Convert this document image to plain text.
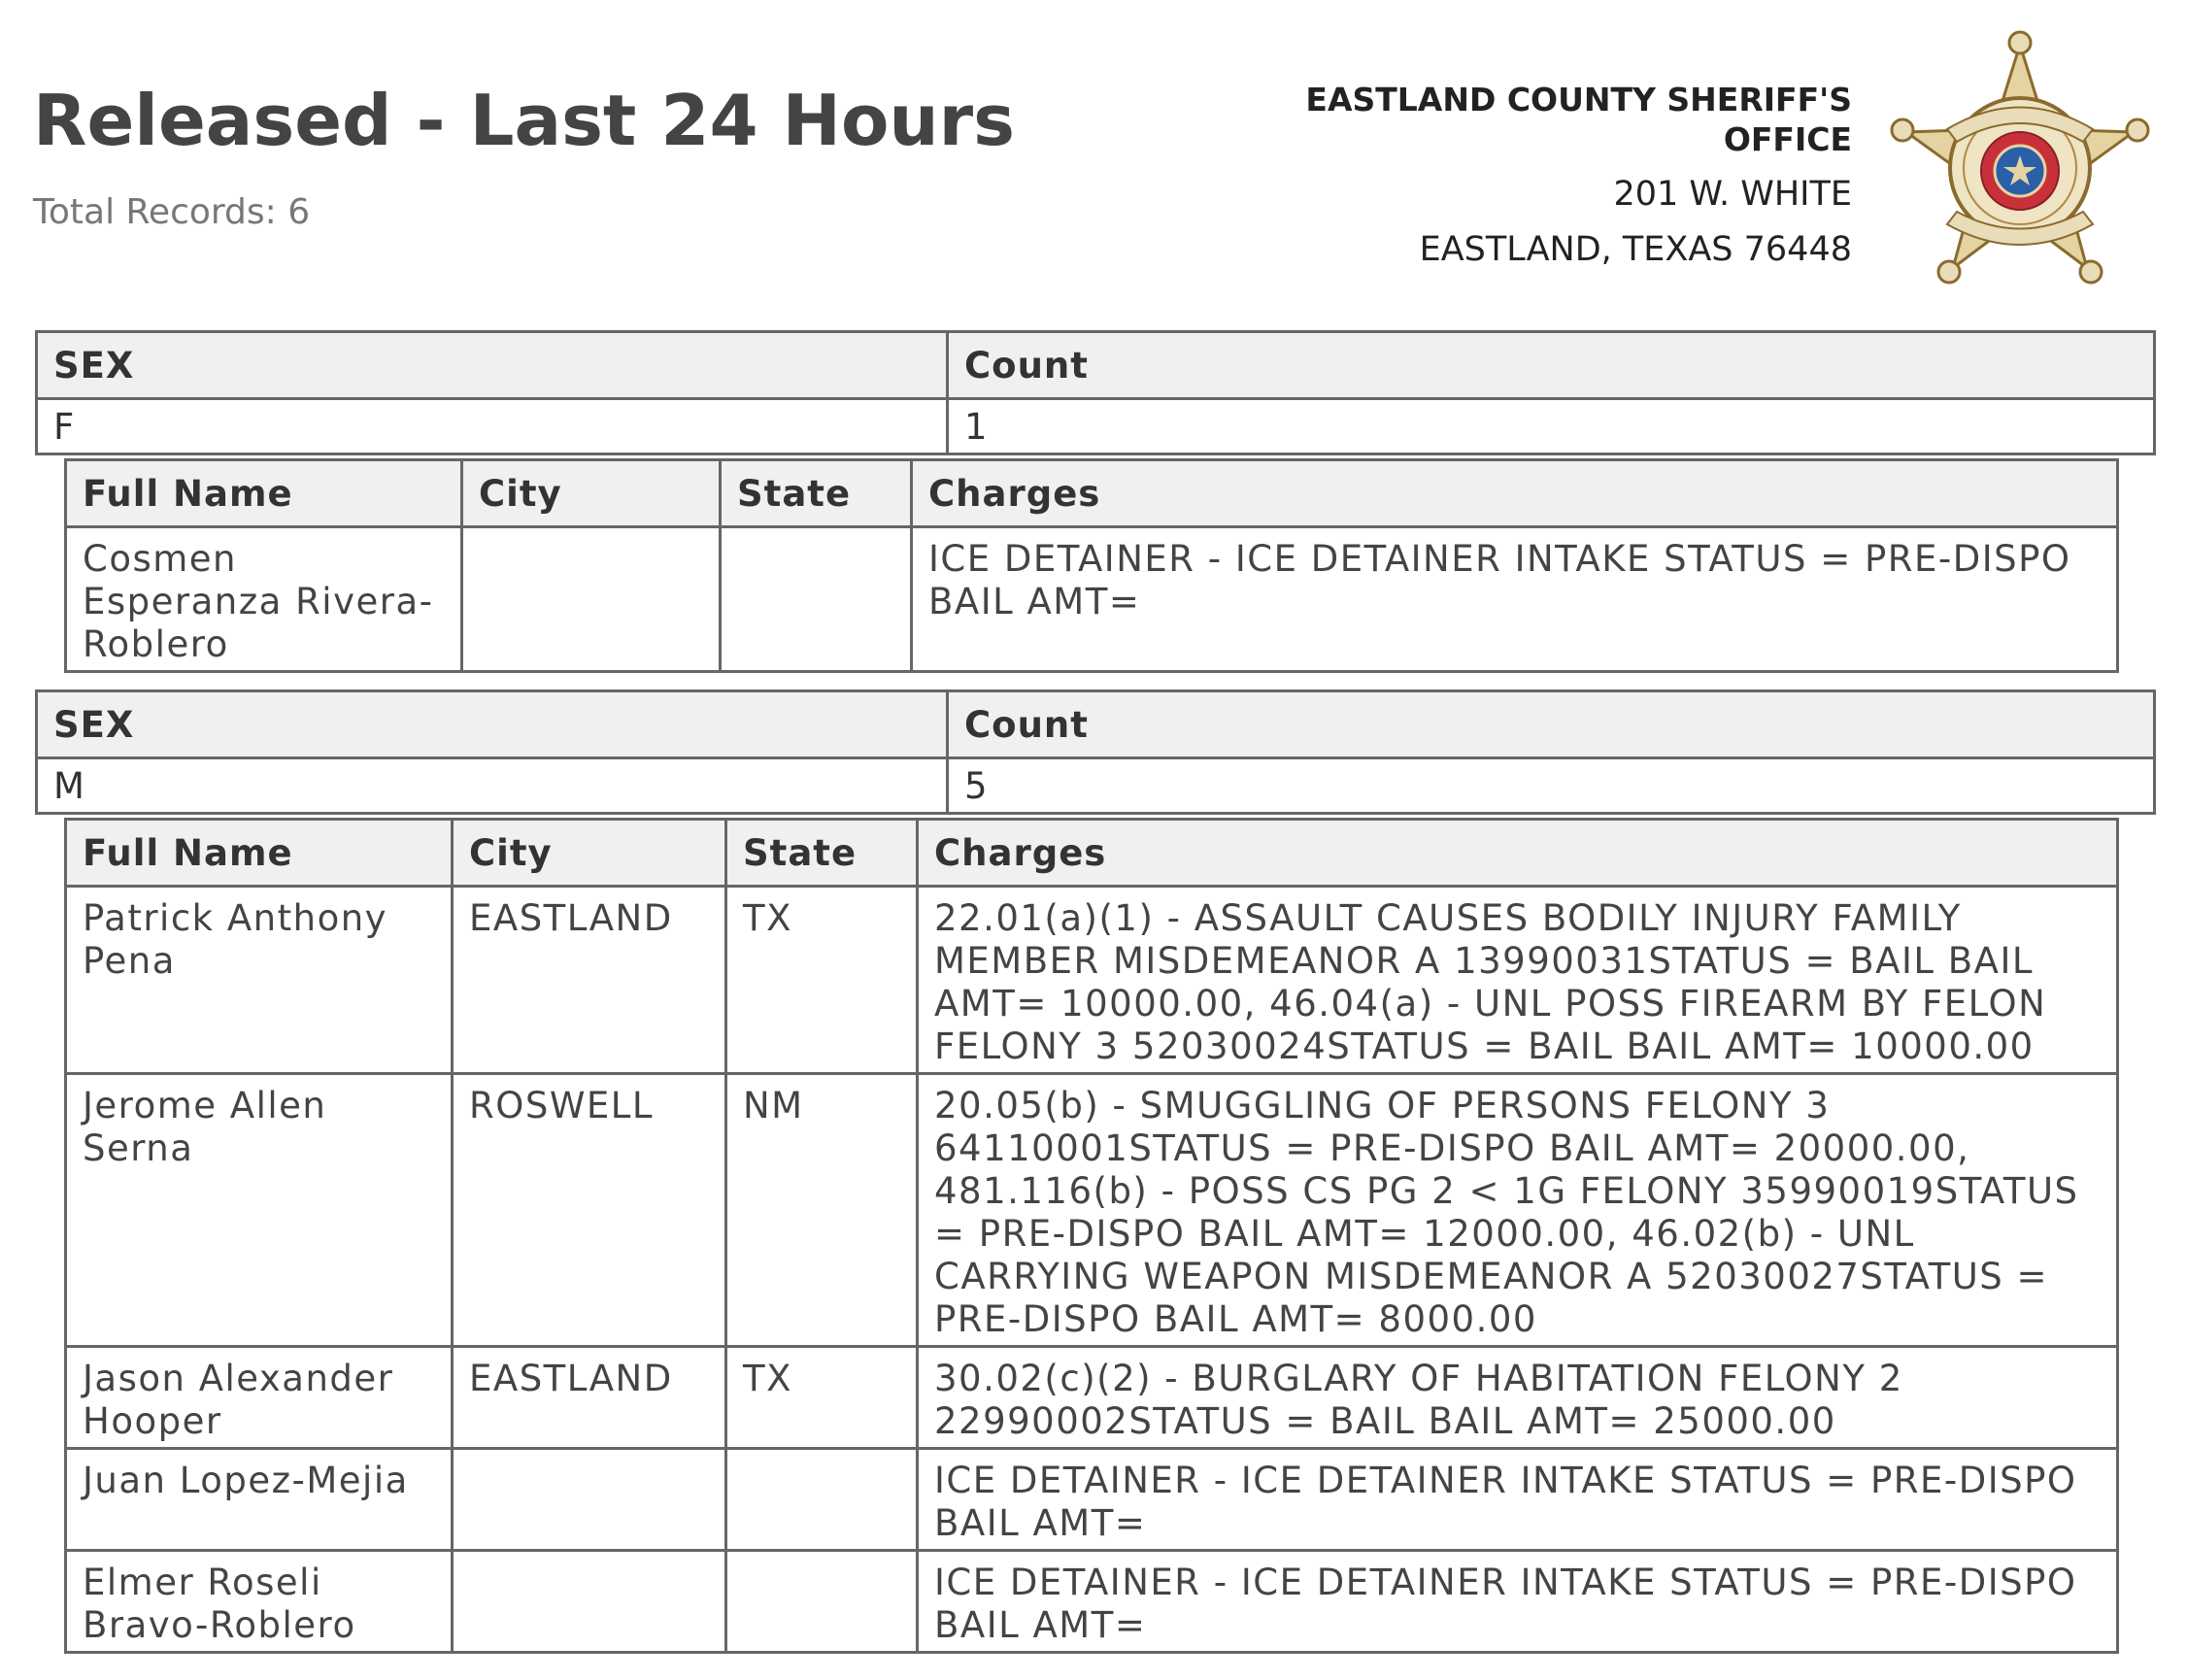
Released - Last 24 Hours
Total Records: 6
EASTLAND COUNTY SHERIFF'S OFFICE
201 W. WHITE
EASTLAND, TEXAS 76448
SEX	Count
F	1
Full Name	City	State	Charges
Cosmen Esperanza Rivera-Roblero			ICE DETAINER - ICE DETAINER INTAKE STATUS = PRE-DISPO BAIL AMT=
SEX	Count
M	5
Full Name	City	State	Charges
Patrick Anthony Pena	EASTLAND	TX	22.01(a)(1) - ASSAULT CAUSES BODILY INJURY FAMILY MEMBER MISDEMEANOR A 13990031STATUS = BAIL BAIL AMT= 10000.00, 46.04(a) - UNL POSS FIREARM BY FELON FELONY 3 52030024STATUS = BAIL BAIL AMT= 10000.00
Jerome Allen Serna	ROSWELL	NM	20.05(b) - SMUGGLING OF PERSONS FELONY 3 64110001STATUS = PRE-DISPO BAIL AMT= 20000.00, 481.116(b) - POSS CS PG 2 < 1G FELONY 35990019STATUS = PRE-DISPO BAIL AMT= 12000.00, 46.02(b) - UNL CARRYING WEAPON MISDEMEANOR A 52030027STATUS = PRE-DISPO BAIL AMT= 8000.00
Jason Alexander Hooper	EASTLAND	TX	30.02(c)(2) - BURGLARY OF HABITATION FELONY 2 22990002STATUS = BAIL BAIL AMT= 25000.00
Juan Lopez-Mejia			ICE DETAINER - ICE DETAINER INTAKE STATUS = PRE-DISPO BAIL AMT=
Elmer Roseli Bravo-Roblero			ICE DETAINER - ICE DETAINER INTAKE STATUS = PRE-DISPO BAIL AMT=
